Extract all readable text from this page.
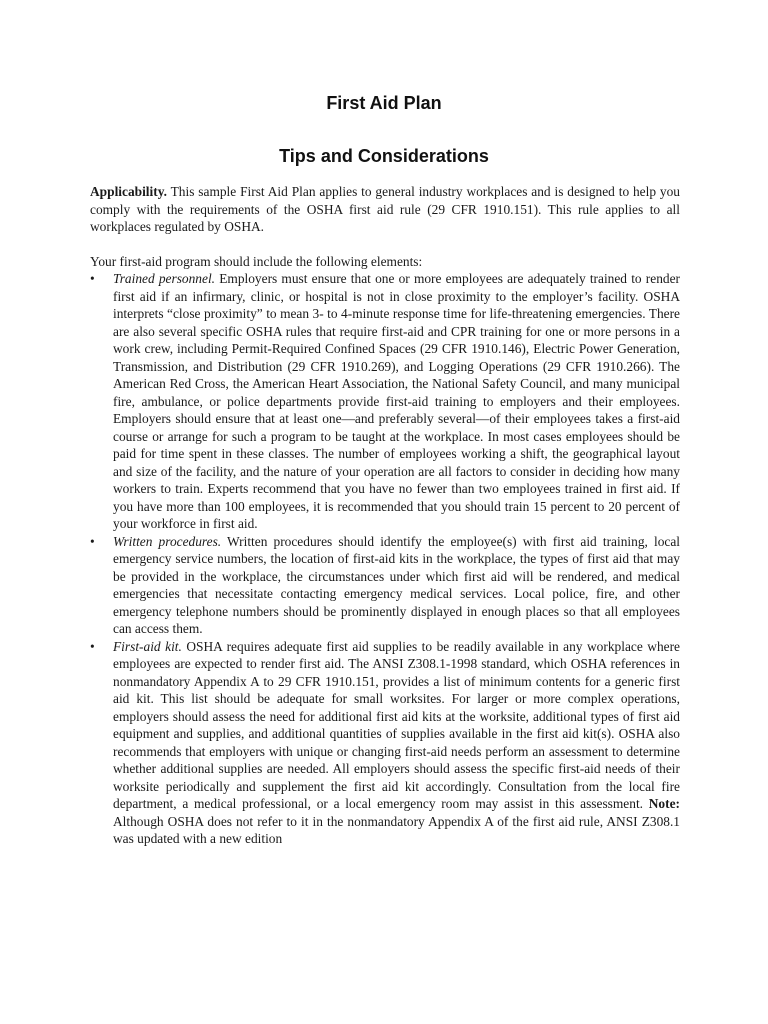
First Aid Plan
Tips and Considerations

Applicability. This sample First Aid Plan applies to general industry workplaces and is designed to help you comply with the requirements of the OSHA first aid rule (29 CFR 1910.151). This rule applies to all workplaces regulated by OSHA.

Your first-aid program should include the following elements:

•	Trained personnel. Employers must ensure that one or more employees are adequately trained to render first aid if an infirmary, clinic, or hospital is not in close proximity to the employer’s facility. OSHA interprets “close proximity” to mean 3- to 4-minute response time for life-threatening emergencies. There are also several specific OSHA rules that require first-aid and CPR training for one or more persons in a work crew, including Permit-Required Confined Spaces (29 CFR 1910.146), Electric Power Generation, Transmission, and Distribution (29 CFR 1910.269), and Logging Operations (29 CFR 1910.266). The American Red Cross, the American Heart Association, the National Safety Council, and many municipal fire, ambulance, or police departments provide first-aid training to employers and their employees. Employers should ensure that at least one—and preferably several—of their employees takes a first-aid course or arrange for such a program to be taught at the workplace. In most cases employees should be paid for time spent in these classes. The number of employees working a shift, the geographical layout and size of the facility, and the nature of your operation are all factors to consider in deciding how many workers to train. Experts recommend that you have no fewer than two employees trained in first aid. If you have more than 100 employees, it is recommended that you should train 15 percent to 20 percent of your workforce in first aid.

•	Written procedures. Written procedures should identify the employee(s) with first aid training, local emergency service numbers, the location of first-aid kits in the workplace, the types of first aid that may be provided in the workplace, the circumstances under which first aid will be rendered, and medical emergencies that necessitate contacting emergency medical services. Local police, fire, and other emergency telephone numbers should be prominently displayed in enough places so that all employees can access them.

•	First-aid kit. OSHA requires adequate first aid supplies to be readily available in any workplace where employees are expected to render first aid. The ANSI Z308.1-1998 standard, which OSHA references in nonmandatory Appendix A to 29 CFR 1910.151, provides a list of minimum contents for a generic first aid kit. This list should be adequate for small worksites. For larger or more complex operations, employers should assess the need for additional first aid kits at the worksite, additional types of first aid equipment and supplies, and additional quantities of supplies available in the first aid kit(s). OSHA also recommends that employers with unique or changing first-aid needs perform an assessment to determine whether additional supplies are needed. All employers should assess the specific first-aid needs of their worksite periodically and supplement the first aid kit accordingly. Consultation from the local fire department, a medical professional, or a local emergency room may assist in this assessment. Note: Although OSHA does not refer to it in the nonmandatory Appendix A of the first aid rule, ANSI Z308.1 was updated with a new edition
